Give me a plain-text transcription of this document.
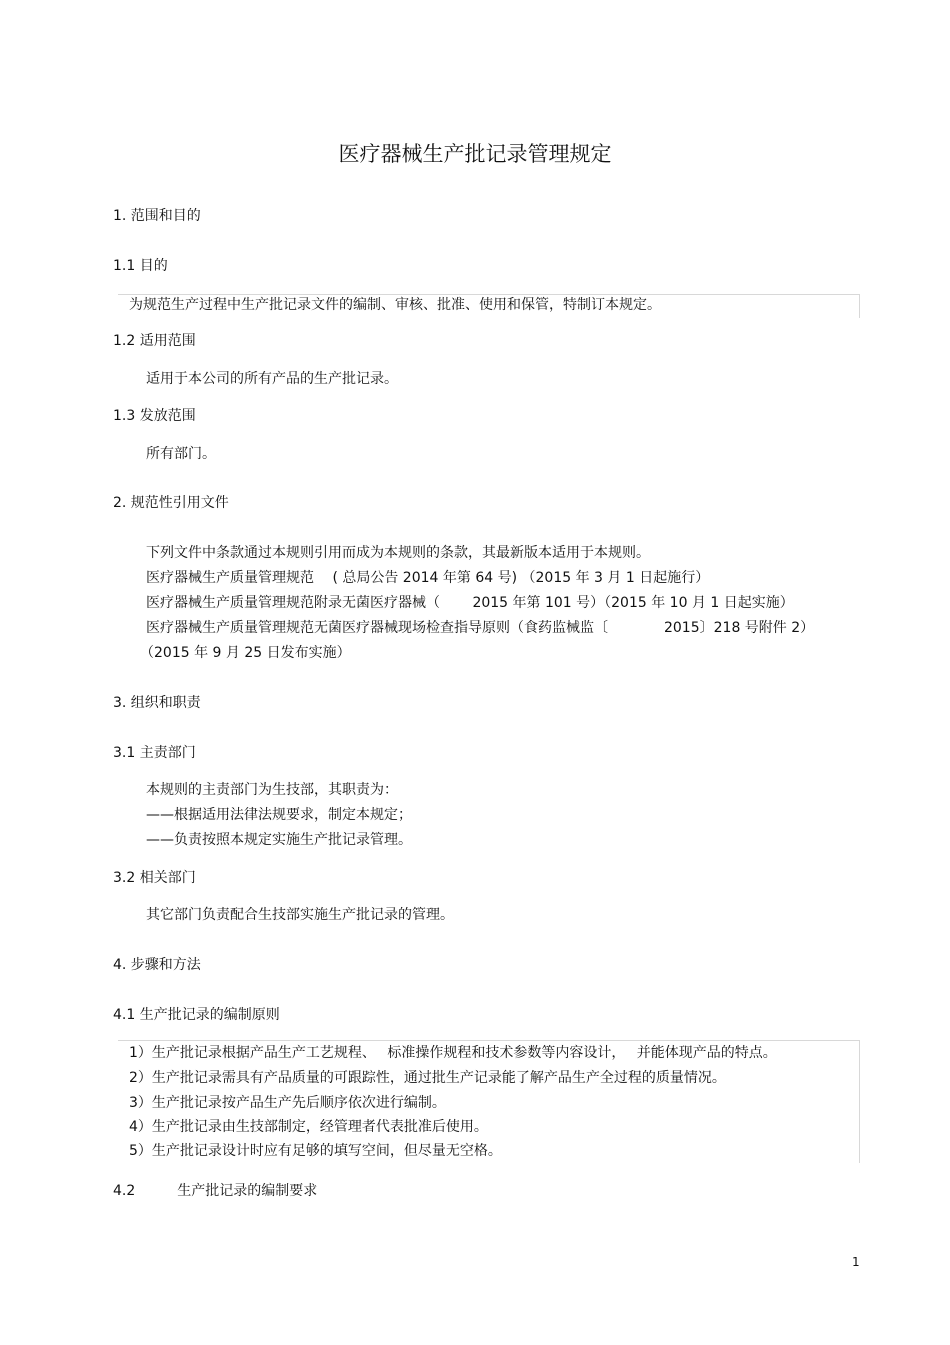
医疗器械生产批记录管理规定
1. 范围和目的
1.1 目的
为规范生产过程中生产批记录文件的编制、审核、批准、使用和保管，特制订本规定。
1.2 适用范围
适用于本公司的所有产品的生产批记录。
1.3 发放范围
所有部门。
2. 规范性引用文件
下列文件中条款通过本规则引用而成为本规则的条款，其最新版本适用于本规则。
医疗器械生产质量管理规范　 ( 总局公告 2014 年第 64 号) （2015 年 3 月 1 日起施行）
医疗器械生产质量管理规范附录无菌医疗器械（　　 2015 年第 101 号）（2015 年 10 月 1 日起实施）
医疗器械生产质量管理规范无菌医疗器械现场检查指导原则（食药监械监〔　　　　2015〕218 号附件 2）
（2015 年 9 月 25 日发布实施）
3. 组织和职责
3.1 主责部门
本规则的主责部门为生技部，其职责为：
——根据适用法律法规要求，制定本规定；
——负责按照本规定实施生产批记录管理。
3.2 相关部门
其它部门负责配合生技部实施生产批记录的管理。
4. 步骤和方法
4.1 生产批记录的编制原则
1）生产批记录根据产品生产工艺规程、　 标准操作规程和技术参数等内容设计，　 并能体现产品的特点。
2）生产批记录需具有产品质量的可跟踪性，通过批生产记录能了解产品生产全过程的质量情况。
3）生产批记录按产品生产先后顺序依次进行编制。
4）生产批记录由生技部制定，经管理者代表批准后使用。
5）生产批记录设计时应有足够的填写空间，但尽量无空格。
4.2　　　生产批记录的编制要求
1
